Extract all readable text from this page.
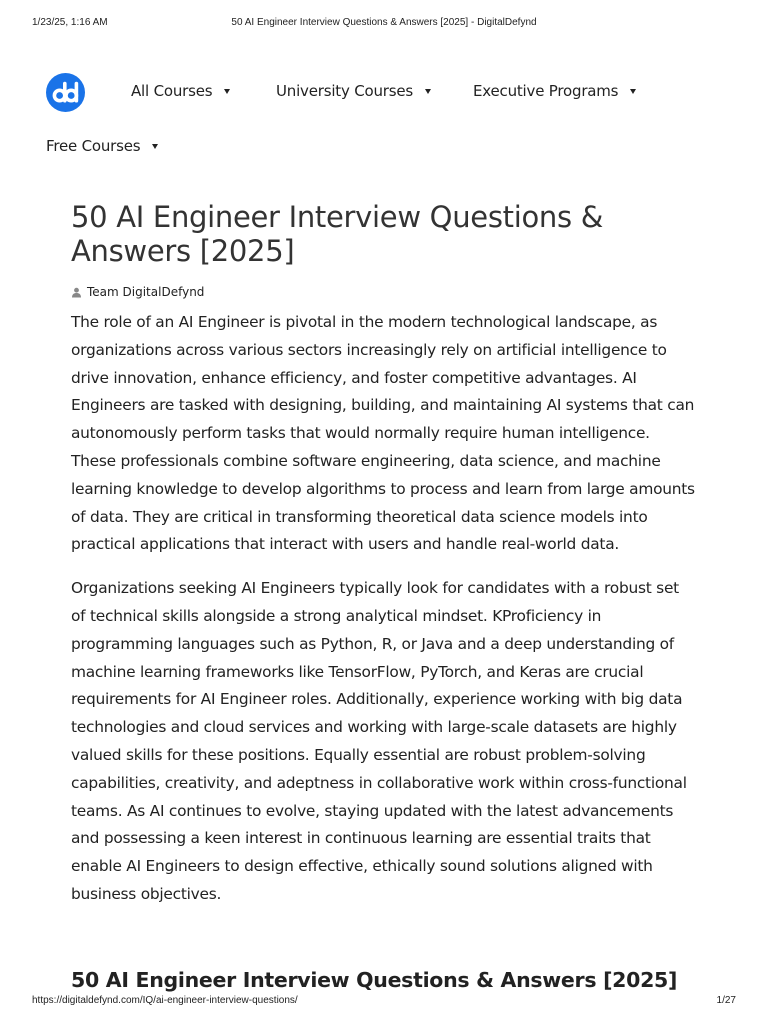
1/23/25, 1:16 AM	50 AI Engineer Interview Questions & Answers [2025] - DigitalDefynd
All Courses	University Courses	Executive Programs
Free Courses
50 AI Engineer Interview Questions & Answers [2025]
Team DigitalDefynd

The role of an AI Engineer is pivotal in the modern technological landscape, as organizations across various sectors increasingly rely on artificial intelligence to drive innovation, enhance efficiency, and foster competitive advantages. AI Engineers are tasked with designing, building, and maintaining AI systems that can autonomously perform tasks that would normally require human intelligence. These professionals combine software engineering, data science, and machine learning knowledge to develop algorithms to process and learn from large amounts of data. They are critical in transforming theoretical data science models into practical applications that interact with users and handle real-world data.

Organizations seeking AI Engineers typically look for candidates with a robust set of technical skills alongside a strong analytical mindset. KProficiency in programming languages such as Python, R, or Java and a deep understanding of machine learning frameworks like TensorFlow, PyTorch, and Keras are crucial requirements for AI Engineer roles. Additionally, experience working with big data technologies and cloud services and working with large-scale datasets are highly valued skills for these positions. Equally essential are robust problem-solving capabilities, creativity, and adeptness in collaborative work within cross-functional teams. As AI continues to evolve, staying updated with the latest advancements and possessing a keen interest in continuous learning are essential traits that enable AI Engineers to design effective, ethically sound solutions aligned with business objectives.

50 AI Engineer Interview Questions & Answers [2025]
https://digitaldefynd.com/IQ/ai-engineer-interview-questions/	1/27
